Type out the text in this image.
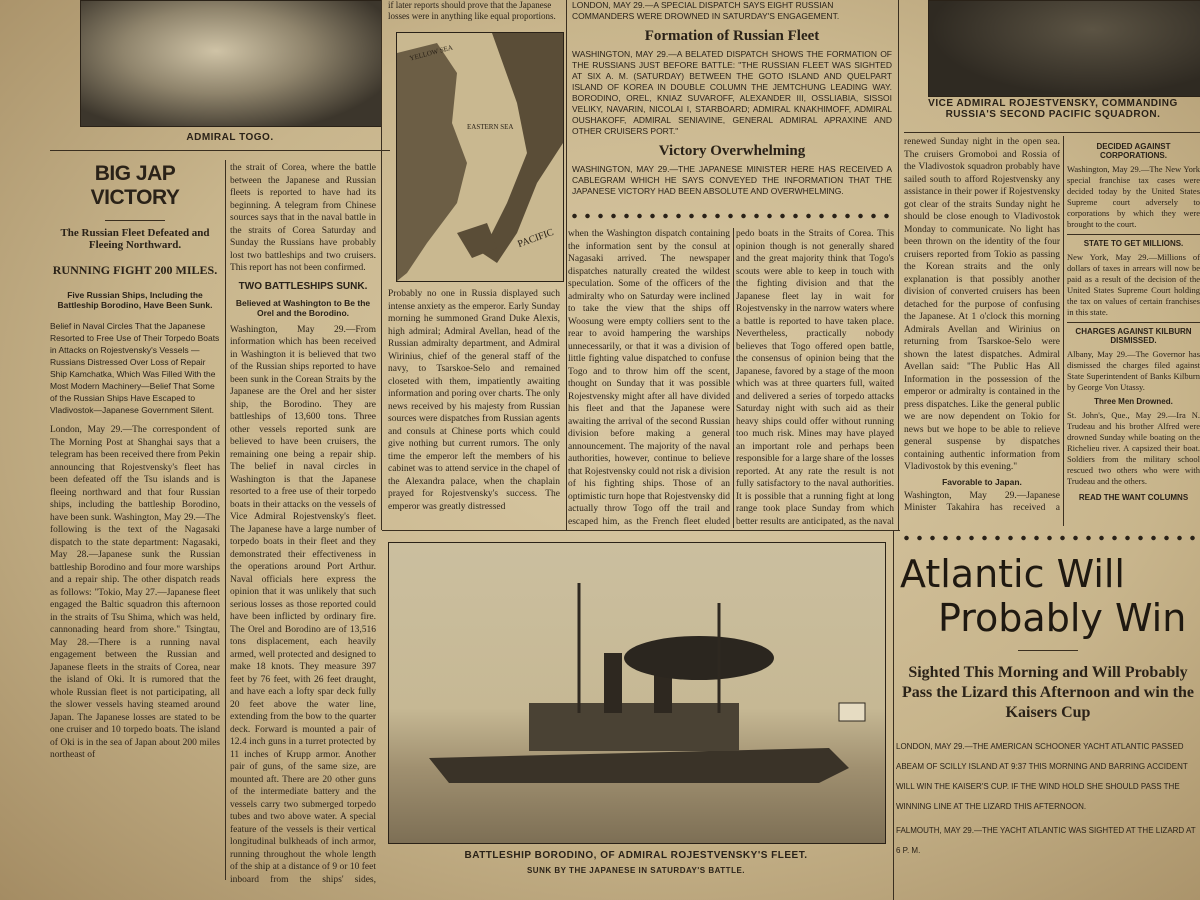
ADMIRAL TOGO.
BIG JAP VICTORY
The Russian Fleet Defeated and Fleeing Northward.
RUNNING FIGHT 200 MILES.
Five Russian Ships, Including the Battleship Borodino, Have Been Sunk.
Belief in Naval Circles That the Japanese Resorted to Free Use of Their Torpedo Boats in Attacks on Rojestvensky's Vessels — Russians Distressed Over Loss of Repair Ship Kamchatka, Which Was Filled With the Most Modern Machinery—Belief That Some of the Russian Ships Have Escaped to Vladivostok—Japanese Government Silent.
London, May 29.—The correspondent of The Morning Post at Shanghai says that a telegram has been received there from Pekin announcing that Rojestvensky's fleet has been defeated off the Tsu islands and is fleeing northward and that four Russian ships, including the battleship Borodino, have been sunk. Washington, May 29.—The following is the text of the Nagasaki dispatch to the state department: Nagasaki, May 28.—Japanese sunk the Russian battleship Borodino and four more warships and a repair ship. The other dispatch reads as follows: "Tokio, May 27.—Japanese fleet engaged the Baltic squadron this afternoon in the straits of Tsu Shima, which was held, cannonading heard from shore." Tsingtau, May 28.—There is a running naval engagement between the Russian and Japanese fleets in the straits of Corea, near the island of Oki. It is rumored that the whole Russian fleet is not participating, all the slower vessels having steamed around Japan. The Japanese losses are stated to be one cruiser and 10 torpedo boats. The island of Oki is in the sea of Japan about 200 miles northeast of
the strait of Corea, where the battle between the Japanese and Russian fleets is reported to have had its beginning. A telegram from Chinese sources says that in the naval battle in the straits of Corea Saturday and Sunday the Russians have probably lost two battleships and two cruisers. This report has not been confirmed.
TWO BATTLESHIPS SUNK.
Believed at Washington to Be the Orel and the Borodino.
Washington, May 29.—From information which has been received in Washington it is believed that two of the Russian ships reported to have been sunk in the Corean Straits by the Japanese are the Orel and her sister ship, the Borodino. They are battleships of 13,600 tons. Three other vessels reported sunk are believed to have been cruisers, the remaining one being a repair ship. The belief in naval circles in Washington is that the Japanese resorted to a free use of their torpedo boats in their attacks on the vessels of Vice Admiral Rojestvensky's fleet. The Japanese have a large number of torpedo boats in their fleet and they demonstrated their effectiveness in the operations around Port Arthur. Naval officials here express the opinion that it was unlikely that such serious losses as those reported could have been inflicted by ordinary fire. The Orel and Borodino are of 13,516 tons displacement, each heavily armed, well protected and designed to make 18 knots. They measure 397 feet by 76 feet, with 26 feet draught, and have each a lofty spar deck fully 20 feet above the water line, extending from the bow to the quarter deck. Forward is mounted a pair of 12.4 inch guns in a turret protected by 11 inches of Krupp armor. Another pair of guns, of the same size, are mounted aft. There are 20 other guns of the intermediate battery and the vessels carry two submerged torpedo tubes and two above water. A special feature of the vessels is their vertical longitudinal bulkheads of inch armor, running throughout the whole length of the ship at a distance of 9 or 10 feet inboard from the ships' sides,
if later reports should prove that the Japanese losses were in anything like equal proportions.
YELLOW SEA
EASTERN SEA
PACIFIC
Probably no one in Russia displayed such intense anxiety as the emperor. Early Sunday morning he summoned Grand Duke Alexis, high admiral; Admiral Avellan, head of the Russian admiralty department, and Admiral Wirinius, chief of the general staff of the navy, to Tsarskoe-Selo and remained closeted with them, impatiently awaiting information and poring over charts. The only news received by his majesty from Russian sources were dispatches from Russian agents and consuls at Chinese ports which could give nothing but current rumors. The only time the emperor left the members of his cabinet was to attend service in the chapel of the Alexandra palace, when the chaplain prayed for Rojestvensky's success. The emperor was greatly distressed
LONDON, MAY 29.—A SPECIAL DISPATCH SAYS EIGHT RUSSIAN COMMANDERS WERE DROWNED IN SATURDAY'S ENGAGEMENT.
Formation of Russian Fleet
WASHINGTON, MAY 29.—A BELATED DISPATCH SHOWS THE FORMATION OF THE RUSSIANS JUST BEFORE BATTLE: "THE RUSSIAN FLEET WAS SIGHTED AT SIX A. M. (SATURDAY) BETWEEN THE GOTO ISLAND AND QUELPART ISLAND OF KOREA IN DOUBLE COLUMN THE JEMTCHUNG LEADING WAY. BORODINO, OREL, KNIAZ SUVAROFF, ALEXANDER III, OSSLIABIA, SISSOI VELIKY, NAVARIN, NICOLAI I, STARBOARD; ADMIRAL KNAKHIMOFF, ADMIRAL OUSHAKOFF, ADMIRAL SENIAVINE, GENERAL ADMIRAL APRAXINE AND OTHER CRUISERS PORT."
Victory Overwhelming
WASHINGTON, MAY 29.—THE JAPANESE MINISTER HERE HAS RECEIVED A CABLEGRAM WHICH HE SAYS CONVEYED THE INFORMATION THAT THE JAPANESE VICTORY HAD BEEN ABSOLUTE AND OVERWHELMING.
when the Washington dispatch containing the information sent by the consul at Nagasaki arrived. The newspaper dispatches naturally created the wildest speculation. Some of the officers of the admiralty who on Saturday were inclined to take the view that the ships off Woosung were empty colliers sent to the rear to avoid hampering the warships unnecessarily, or that it was a division of little fighting value dispatched to confuse Togo and to throw him off the scent, thought on Sunday that it was possible Rojestvensky might after all have divided his fleet and that the Japanese were awaiting the arrival of the second Russian division before making a general announcement. The majority of the naval authorities, however, continue to believe that Rojestvensky could not risk a division of his fighting ships. Those of an optimistic turn hope that Rojestvensky did actually throw Togo off the trail and escaped him, as the French fleet eluded
pedo boats in the Straits of Corea. This opinion though is not generally shared and the great majority think that Togo's scouts were able to keep in touch with the fighting division and that the Japanese fleet lay in wait for Rojestvensky in the narrow waters where a battle is reported to have taken place. Nevertheless, practically nobody believes that Togo offered open battle, the consensus of opinion being that the Japanese, favored by a stage of the moon which was at three quarters full, waited and delivered a series of torpedo attacks Saturday night with such aid as their heavy ships could offer without running too much risk. Mines may have played an important role and perhaps been responsible for a large share of the losses reported. At any rate the result is not fully satisfactory to the naval authorities. It is possible that a running fight at long range took place Sunday from which better results are anticipated, as the naval
VICE ADMIRAL ROJESTVENSKY, COMMANDING RUSSIA'S SECOND PACIFIC SQUADRON.
renewed Sunday night in the open sea. The cruisers Gromoboi and Rossia of the Vladivostok squadron probably have sailed south to afford Rojestvensky any assistance in their power if Rojestvensky got clear of the straits Sunday night he should be close enough to Vladivostok Monday to communicate. No light has been thrown on the identity of the four cruisers reported from Tokio as passing the Korean straits and the only explanation is that possibly another division of converted cruisers has been detached for the purpose of confusing the Japanese. At 1 o'clock this morning Admirals Avellan and Wirinius on returning from Tsarskoe-Selo were shown the latest dispatches. Admiral Avellan said: "The Public Has All Information in the possession of the emperor or admiralty is contained in the press dispatches. Like the general public we are now dependent on Tokio for news but we hope to be able to relieve general suspense by dispatches containing authentic information from Vladivostok by this evening."
Favorable to Japan.
Washington, May 29.—Japanese Minister Takahira has received a
DECIDED AGAINST CORPORATIONS.
Washington, May 29.—The New York special franchise tax cases were decided today by the United States Supreme court adversely to corporations by which they were brought to the court.
STATE TO GET MILLIONS.
New York, May 29.—Millions of dollars of taxes in arrears will now be paid as a result of the decision of the United States Supreme Court holding the tax on values of certain franchises in this state.
CHARGES AGAINST KILBURN DISMISSED.
Albany, May 29.—The Governor has dismissed the charges filed against State Superintendent of Banks Kilburn by George Von Utassy.
Three Men Drowned.
St. John's, Que., May 29.—Ira N. Trudeau and his brother Alfred were drowned Sunday while boating on the Richelieu river. A capsized their boat. Soldiers from the military school rescued two others who were with Trudeau and the others.
READ THE WANT COLUMNS
BATTLESHIP BORODINO, OF ADMIRAL ROJESTVENSKY'S FLEET.
SUNK BY THE JAPANESE IN SATURDAY'S BATTLE.
Atlantic Will
Probably Win
Sighted This Morning and Will Probably Pass the Lizard this Afternoon and win the Kaisers Cup
LONDON, MAY 29.—THE AMERICAN SCHOONER YACHT ATLANTIC PASSED ABEAM OF SCILLY ISLAND AT 9:37 THIS MORNING AND BARRING ACCIDENT WILL WIN THE KAISER'S CUP. IF THE WIND HOLD SHE SHOULD PASS THE WINNING LINE AT THE LIZARD THIS AFTERNOON.
FALMOUTH, MAY 29.—THE YACHT ATLANTIC WAS SIGHTED AT THE LIZARD AT 6 P. M.
